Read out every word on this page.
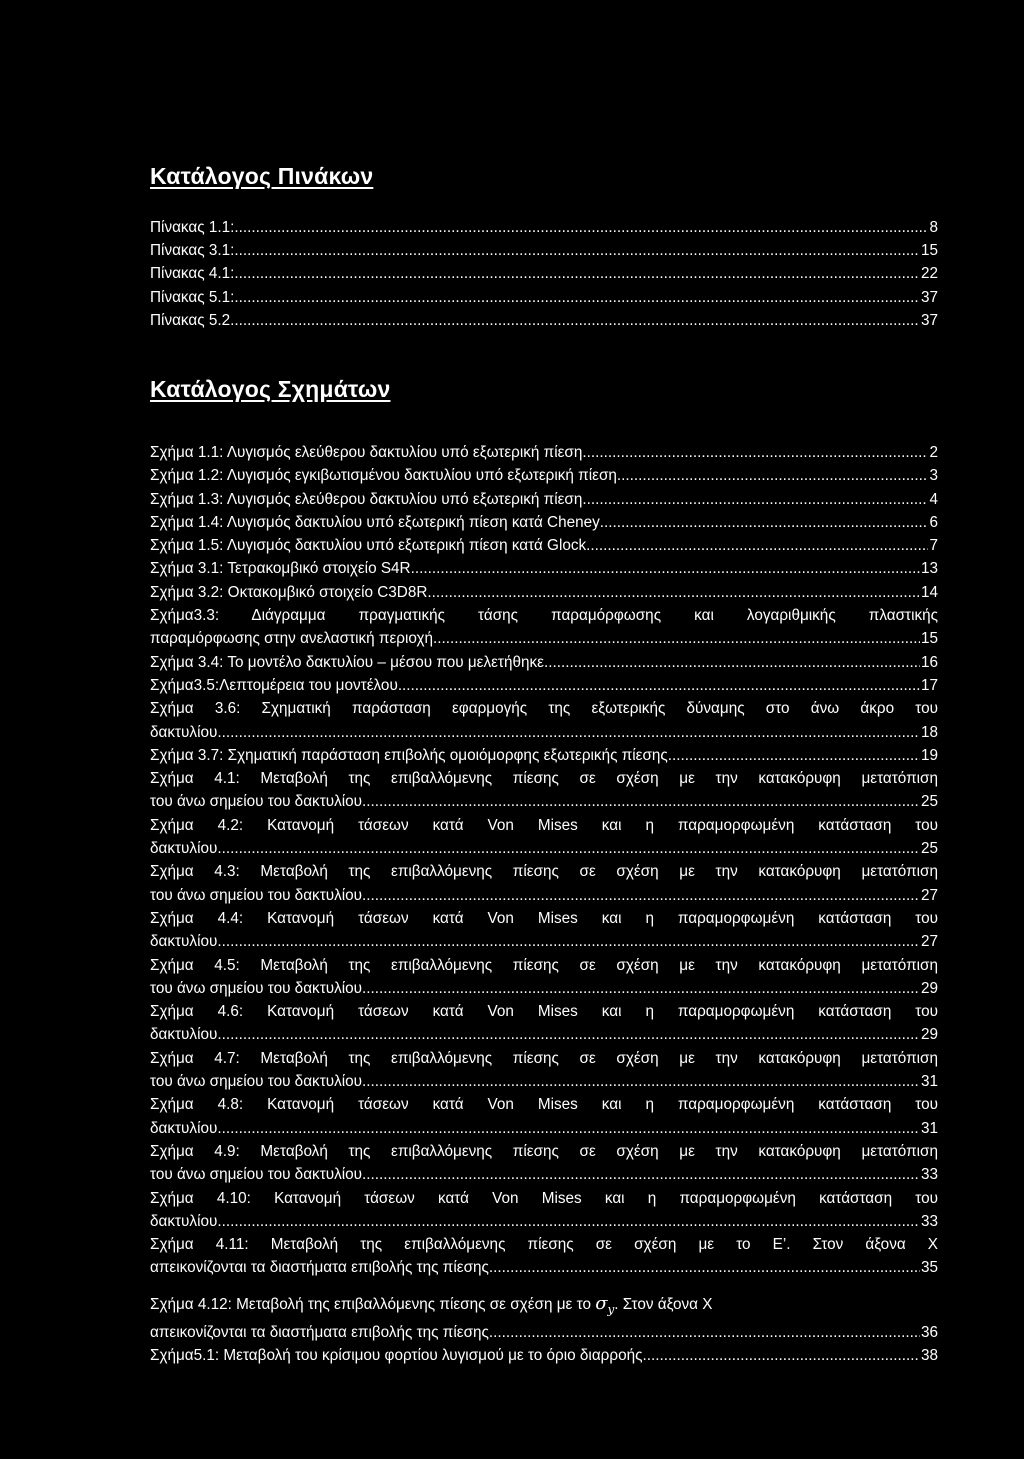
Κατάλογος Πινάκων
Πίνακας 1.1: .....	8
Πίνακας 3.1: .....	15
Πίνακας 4.1: .....	22
Πίνακας 5.1: .....	37
Πίνακας 5.2 .....	37
Κατάλογος Σχημάτων
Σχήμα 1.1: Λυγισμός ελεύθερου δακτυλίου υπό εξωτερική πίεση .....	2
Σχήμα 1.2: Λυγισμός εγκιβωτισμένου δακτυλίου υπό εξωτερική πίεση .....	3
Σχήμα 1.3: Λυγισμός ελεύθερου δακτυλίου υπό εξωτερική πίεση .....	4
Σχήμα 1.4: Λυγισμός δακτυλίου υπό εξωτερική πίεση κατά Cheney .....	6
Σχήμα 1.5: Λυγισμός δακτυλίου υπό εξωτερική πίεση κατά Glock .....	7
Σχήμα 3.1: Τετρακομβικό στοιχείο S4R .....	13
Σχήμα 3.2: Οκτακομβικό στοιχείο C3D8R .....	14
Σχήμα3.3: Διάγραμμα πραγματικής τάσης παραμόρφωσης και λογαριθμικής πλαστικής
παραμόρφωσης στην ανελαστική περιοχή .....	15
Σχήμα 3.4: Το μοντέλο δακτυλίου – μέσου που μελετήθηκε. .....	16
Σχήμα3.5:Λεπτομέρεια του μοντέλου .....	17
Σχήμα 3.6: Σχηματική παράσταση εφαρμογής της εξωτερικής δύναμης στο άνω άκρο του
δακτυλίου .....	18
Σχήμα 3.7: Σχηματική παράσταση επιβολής ομοιόμορφης εξωτερικής πίεσης. .....	19
Σχήμα 4.1: Μεταβολή της επιβαλλόμενης πίεσης σε σχέση με την κατακόρυφη μετατόπιση
του άνω σημείου του δακτυλίου. .....	25
Σχήμα 4.2: Κατανομή τάσεων κατά Von Mises και η παραμορφωμένη κατάσταση του
δακτυλίου. .....	25
Σχήμα 4.3: Μεταβολή της επιβαλλόμενης πίεσης σε σχέση με την κατακόρυφη μετατόπιση
του άνω σημείου του δακτυλίου. .....	27
Σχήμα 4.4: Κατανομή τάσεων κατά Von Mises και η παραμορφωμένη κατάσταση του
δακτυλίου. .....	27
Σχήμα 4.5: Μεταβολή της επιβαλλόμενης πίεσης σε σχέση με την κατακόρυφη μετατόπιση
του άνω σημείου του δακτυλίου. .....	29
Σχήμα 4.6: Κατανομή τάσεων κατά Von Mises και η παραμορφωμένη κατάσταση του
δακτυλίου. .....	29
Σχήμα 4.7: Μεταβολή της επιβαλλόμενης πίεσης σε σχέση με την κατακόρυφη μετατόπιση
του άνω σημείου του δακτυλίου. .....	31
Σχήμα 4.8: Κατανομή τάσεων κατά Von Mises και η παραμορφωμένη κατάσταση του
δακτυλίου. .....	31
Σχήμα 4.9: Μεταβολή της επιβαλλόμενης πίεσης σε σχέση με την κατακόρυφη μετατόπιση
του άνω σημείου του δακτυλίου. .....	33
Σχήμα 4.10: Κατανομή τάσεων κατά Von Mises και η παραμορφωμένη κατάσταση του
δακτυλίου. .....	33
Σχήμα 4.11: Μεταβολή της επιβαλλόμενης πίεσης σε σχέση με το E’. Στον άξονα Χ
απεικονίζονται τα διαστήματα επιβολής της πίεσης. .....	35
Σχήμα 4.12: Μεταβολή της επιβαλλόμενης πίεσης σε σχέση με το
$\sigma_y$ . Στον άξονα Χ
απεικονίζονται τα διαστήματα επιβολής της πίεσης. .....	36
Σχήμα5.1: Μεταβολή του κρίσιμου φορτίου λυγισμού με το όριο διαρροής .....	38
